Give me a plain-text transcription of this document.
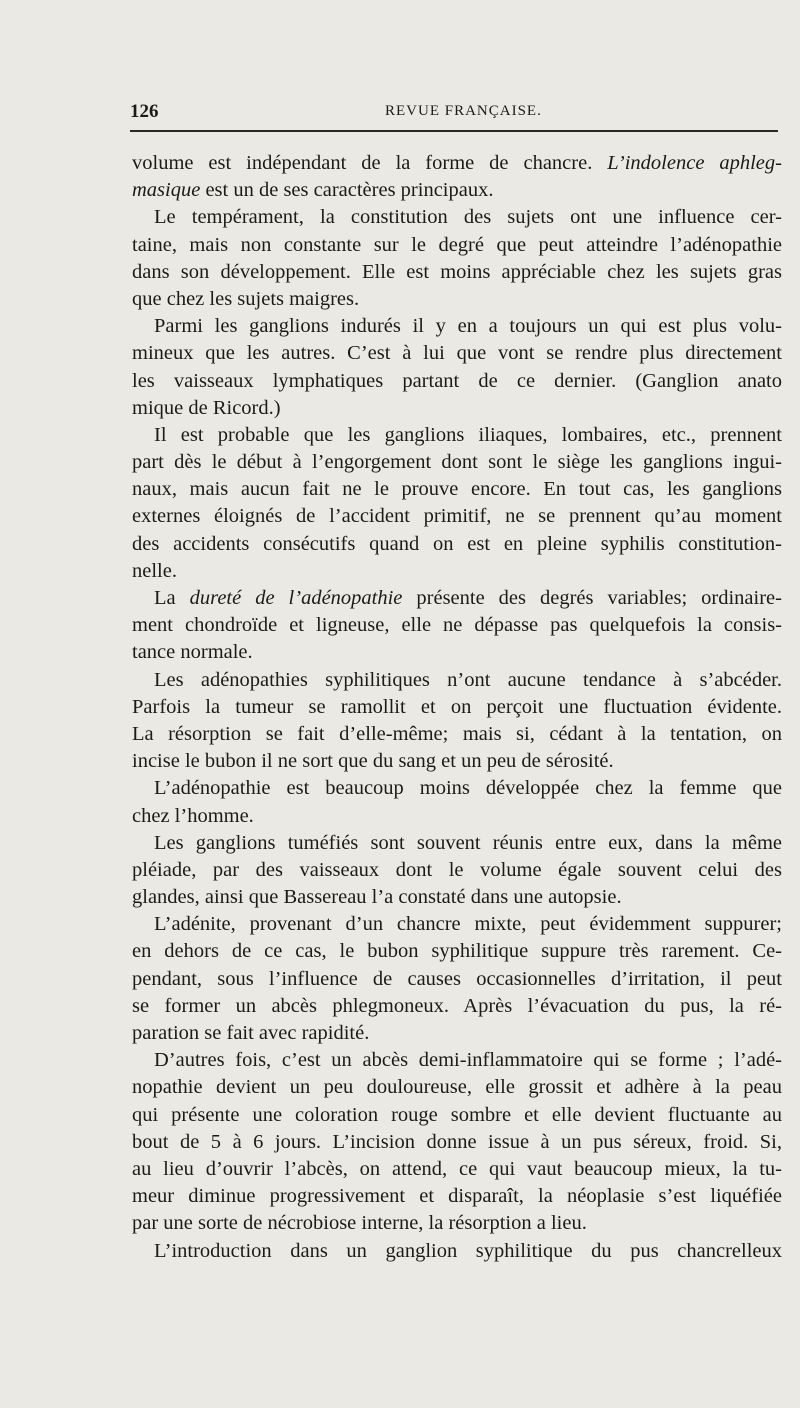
126	REVUE FRANÇAISE.
volume est indépendant de la forme de chancre. L’indolence aphleg-
masique est un de ses caractères principaux.
Le tempérament, la constitution des sujets ont une influence cer-
taine, mais non constante sur le degré que peut atteindre l’adénopathie
dans son développement. Elle est moins appréciable chez les sujets gras
que chez les sujets maigres.
Parmi les ganglions indurés il y en a toujours un qui est plus volu-
mineux que les autres. C’est à lui que vont se rendre plus directement
les vaisseaux lymphatiques partant de ce dernier. (Ganglion anato
mique de Ricord.)
Il est probable que les ganglions iliaques, lombaires, etc., prennent
part dès le début à l’engorgement dont sont le siège les ganglions ingui-
naux, mais aucun fait ne le prouve encore. En tout cas, les ganglions
externes éloignés de l’accident primitif, ne se prennent qu’au moment
des accidents consécutifs quand on est en pleine syphilis constitution-
nelle.
La dureté de l’adénopathie présente des degrés variables; ordinaire-
ment chondroïde et ligneuse, elle ne dépasse pas quelquefois la consis-
tance normale.
Les adénopathies syphilitiques n’ont aucune tendance à s’abcéder.
Parfois la tumeur se ramollit et on perçoit une fluctuation évidente.
La résorption se fait d’elle-même; mais si, cédant à la tentation, on
incise le bubon il ne sort que du sang et un peu de sérosité.
L’adénopathie est beaucoup moins développée chez la femme que
chez l’homme.
Les ganglions tuméfiés sont souvent réunis entre eux, dans la même
pléiade, par des vaisseaux dont le volume égale souvent celui des
glandes, ainsi que Bassereau l’a constaté dans une autopsie.
L’adénite, provenant d’un chancre mixte, peut évidemment suppurer;
en dehors de ce cas, le bubon syphilitique suppure très rarement. Ce-
pendant, sous l’influence de causes occasionnelles d’irritation, il peut
se former un abcès phlegmoneux. Après l’évacuation du pus, la ré-
paration se fait avec rapidité.
D’autres fois, c’est un abcès demi-inflammatoire qui se forme ; l’adé-
nopathie devient un peu douloureuse, elle grossit et adhère à la peau
qui présente une coloration rouge sombre et elle devient fluctuante au
bout de 5 à 6 jours. L’incision donne issue à un pus séreux, froid. Si,
au lieu d’ouvrir l’abcès, on attend, ce qui vaut beaucoup mieux, la tu-
meur diminue progressivement et disparaît, la néoplasie s’est liquéfiée
par une sorte de nécrobiose interne, la résorption a lieu.
L’introduction dans un ganglion syphilitique du pus chancrelleux
